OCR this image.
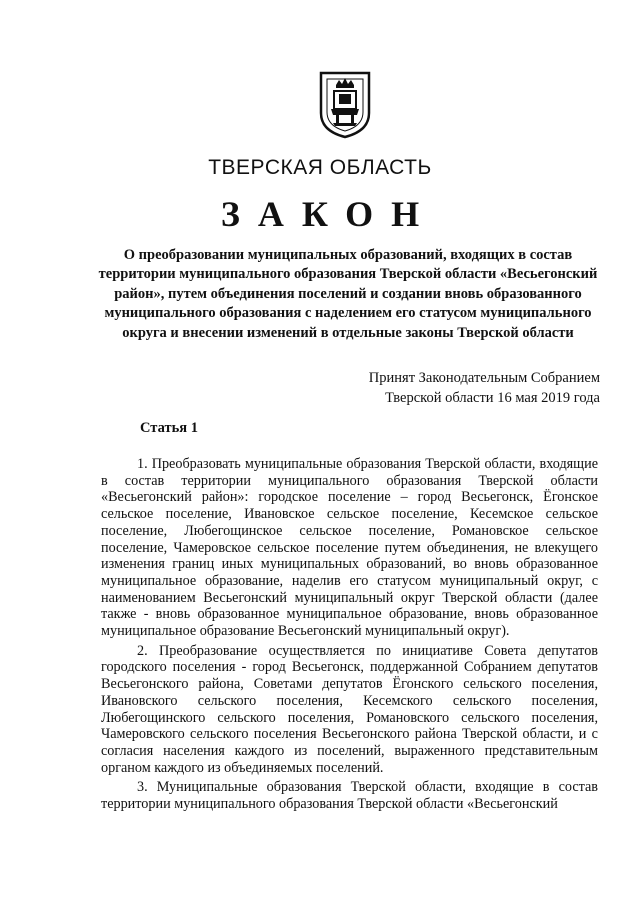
ТВЕРСКАЯ ОБЛАСТЬ
ЗАКОН
О преобразовании муниципальных образований, входящих в состав территории муниципального образования Тверской области «Весьегонский район», путем объединения поселений и создании вновь образованного муниципального образования с наделением его статусом муниципального округа и внесении изменений в отдельные законы Тверской области
Принят Законодательным Собранием
Тверской области 16 мая 2019 года
Статья 1

1. Преобразовать муниципальные образования Тверской области, входящие в состав территории муниципального образования Тверской области «Весьегонский район»: городское поселение – город Весьегонск, Ёгонское сельское поселение, Ивановское сельское поселение, Кесемское сельское поселение, Любегощинское сельское поселение, Романовское сельское поселение, Чамеровское сельское поселение путем объединения, не влекущего изменения границ иных муниципальных образований, во вновь образованное муниципальное образование, наделив его статусом муниципальный округ, с наименованием Весьегонский муниципальный округ Тверской области (далее также - вновь образованное муниципальное образование, вновь образованное муниципальное образование Весьегонский муниципальный округ).

2. Преобразование осуществляется по инициативе Совета депутатов городского поселения - город Весьегонск, поддержанной Собранием депутатов Весьегонского района, Советами депутатов Ёгонского сельского поселения, Ивановского сельского поселения, Кесемского сельского поселения, Любегощинского сельского поселения, Романовского сельского поселения, Чамеровского сельского поселения Весьегонского района Тверской области, и с согласия населения каждого из поселений, выраженного представительным органом каждого из объединяемых поселений.

3. Муниципальные образования Тверской области, входящие в состав территории муниципального образования Тверской области «Весьегонский
